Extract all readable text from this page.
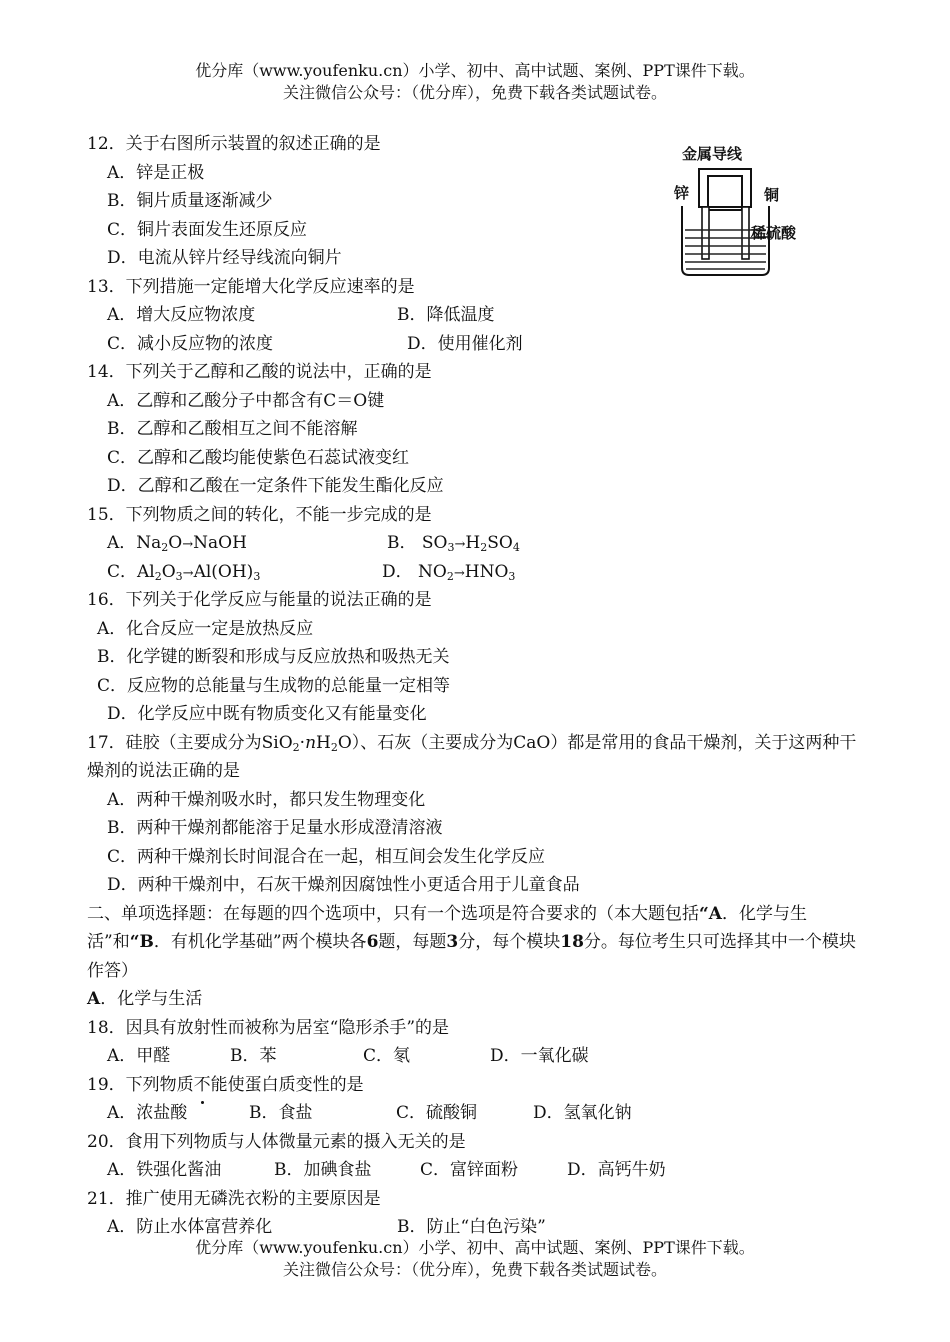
优分库（www.youfenku.cn）小学、初中、高中试题、案例、PPT课件下载。
关注微信公众号：（优分库），免费下载各类试题试卷。
金属导线
锌	铜
稀硫酸
12．关于右图所示装置的叙述正确的是
A．锌是正极
B．铜片质量逐渐减少
C．铜片表面发生还原反应
D．电流从锌片经导线流向铜片
13．下列措施一定能增大化学反应速率的是
A．增大反应物浓度	B．降低温度
C．减小反应物的浓度	D．使用催化剂
14．下列关于乙醇和乙酸的说法中，正确的是
A．乙醇和乙酸分子中都含有C＝O键
B．乙醇和乙酸相互之间不能溶解
C．乙醇和乙酸均能使紫色石蕊试液变红
D．乙醇和乙酸在一定条件下能发生酯化反应
15．下列物质之间的转化，不能一步完成的是
A．$Na_2O\to NaOH$	B． $SO_3\to H_2SO_4$
C．$Al_2O_3\to Al(OH)_3$	D． $NO_2\to HNO_3$
16．下列关于化学反应与能量的说法正确的是
A．化合反应一定是放热反应
B．化学键的断裂和形成与反应放热和吸热无关
C．反应物的总能量与生成物的总能量一定相等
D．化学反应中既有物质变化又有能量变化
17．硅胶（主要成分为$SiO_2\cdot nH_2O$）、石灰（主要成分为CaO）都是常用的食品干燥剂，关于这两种干燥剂的说法正确的是
A．两种干燥剂吸水时，都只发生物理变化
B．两种干燥剂都能溶于足量水形成澄清溶液
C．两种干燥剂长时间混合在一起，相互间会发生化学反应
D．两种干燥剂中，石灰干燥剂因腐蚀性小更适合用于儿童食品
二、单项选择题：在每题的四个选项中，只有一个选项是符合要求的（本大题包括“A．化学与生活”和“B．有机化学基础”两个模块各6题，每题3分，每个模块18分。每位考生只可选择其中一个模块作答）
A．化学与生活
18．因具有放射性而被称为居室“隐形杀手”的是
A．甲醛	B．苯	C．氡	D．一氧化碳
19．下列物质不能使蛋白质变性的是
A．浓盐酸	B．食盐	C．硫酸铜	D．氢氧化钠
20．食用下列物质与人体微量元素的摄入无关的是
A．铁强化酱油	B．加碘食盐	C．富锌面粉	D．高钙牛奶
21．推广使用无磷洗衣粉的主要原因是
A．防止水体富营养化	B．防止“白色污染”
优分库（www.youfenku.cn）小学、初中、高中试题、案例、PPT课件下载。
关注微信公众号：（优分库），免费下载各类试题试卷。
